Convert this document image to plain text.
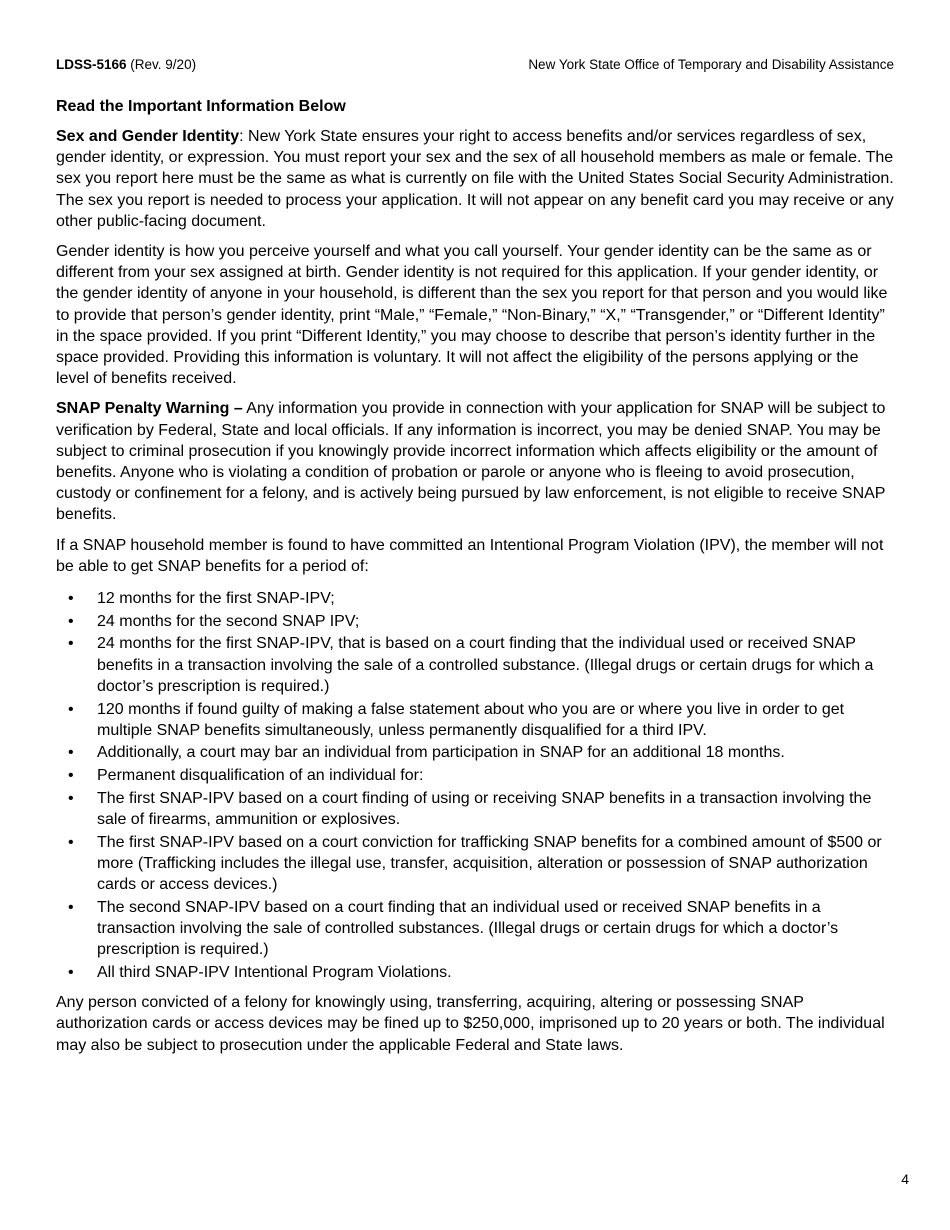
LDSS-5166 (Rev. 9/20)	New York State Office of Temporary and Disability Assistance
Read the Important Information Below

Sex and Gender Identity: New York State ensures your right to access benefits and/or services regardless of sex, gender identity, or expression. You must report your sex and the sex of all household members as male or female. The sex you report here must be the same as what is currently on file with the United States Social Security Administration. The sex you report is needed to process your application. It will not appear on any benefit card you may receive or any other public-facing document.

Gender identity is how you perceive yourself and what you call yourself. Your gender identity can be the same as or different from your sex assigned at birth. Gender identity is not required for this application. If your gender identity, or the gender identity of anyone in your household, is different than the sex you report for that person and you would like to provide that person’s gender identity, print “Male,” “Female,” “Non-Binary,” “X,” “Transgender,” or “Different Identity” in the space provided. If you print “Different Identity,” you may choose to describe that person’s identity further in the space provided. Providing this information is voluntary. It will not affect the eligibility of the persons applying or the level of benefits received.

SNAP Penalty Warning – Any information you provide in connection with your application for SNAP will be subject to verification by Federal, State and local officials. If any information is incorrect, you may be denied SNAP. You may be subject to criminal prosecution if you knowingly provide incorrect information which affects eligibility or the amount of benefits. Anyone who is violating a condition of probation or parole or anyone who is fleeing to avoid prosecution, custody or confinement for a felony, and is actively being pursued by law enforcement, is not eligible to receive SNAP benefits.

If a SNAP household member is found to have committed an Intentional Program Violation (IPV), the member will not be able to get SNAP benefits for a period of:

• 12 months for the first SNAP-IPV;
• 24 months for the second SNAP IPV;
• 24 months for the first SNAP-IPV, that is based on a court finding that the individual used or received SNAP benefits in a transaction involving the sale of a controlled substance. (Illegal drugs or certain drugs for which a doctor’s prescription is required.)
• 120 months if found guilty of making a false statement about who you are or where you live in order to get multiple SNAP benefits simultaneously, unless permanently disqualified for a third IPV.
• Additionally, a court may bar an individual from participation in SNAP for an additional 18 months.
• Permanent disqualification of an individual for:
• The first SNAP-IPV based on a court finding of using or receiving SNAP benefits in a transaction involving the sale of firearms, ammunition or explosives.
• The first SNAP-IPV based on a court conviction for trafficking SNAP benefits for a combined amount of $500 or more (Trafficking includes the illegal use, transfer, acquisition, alteration or possession of SNAP authorization cards or access devices.)
• The second SNAP-IPV based on a court finding that an individual used or received SNAP benefits in a transaction involving the sale of controlled substances. (Illegal drugs or certain drugs for which a doctor’s prescription is required.)
• All third SNAP-IPV Intentional Program Violations.

Any person convicted of a felony for knowingly using, transferring, acquiring, altering or possessing SNAP authorization cards or access devices may be fined up to $250,000, imprisoned up to 20 years or both. The individual may also be subject to prosecution under the applicable Federal and State laws.

4
